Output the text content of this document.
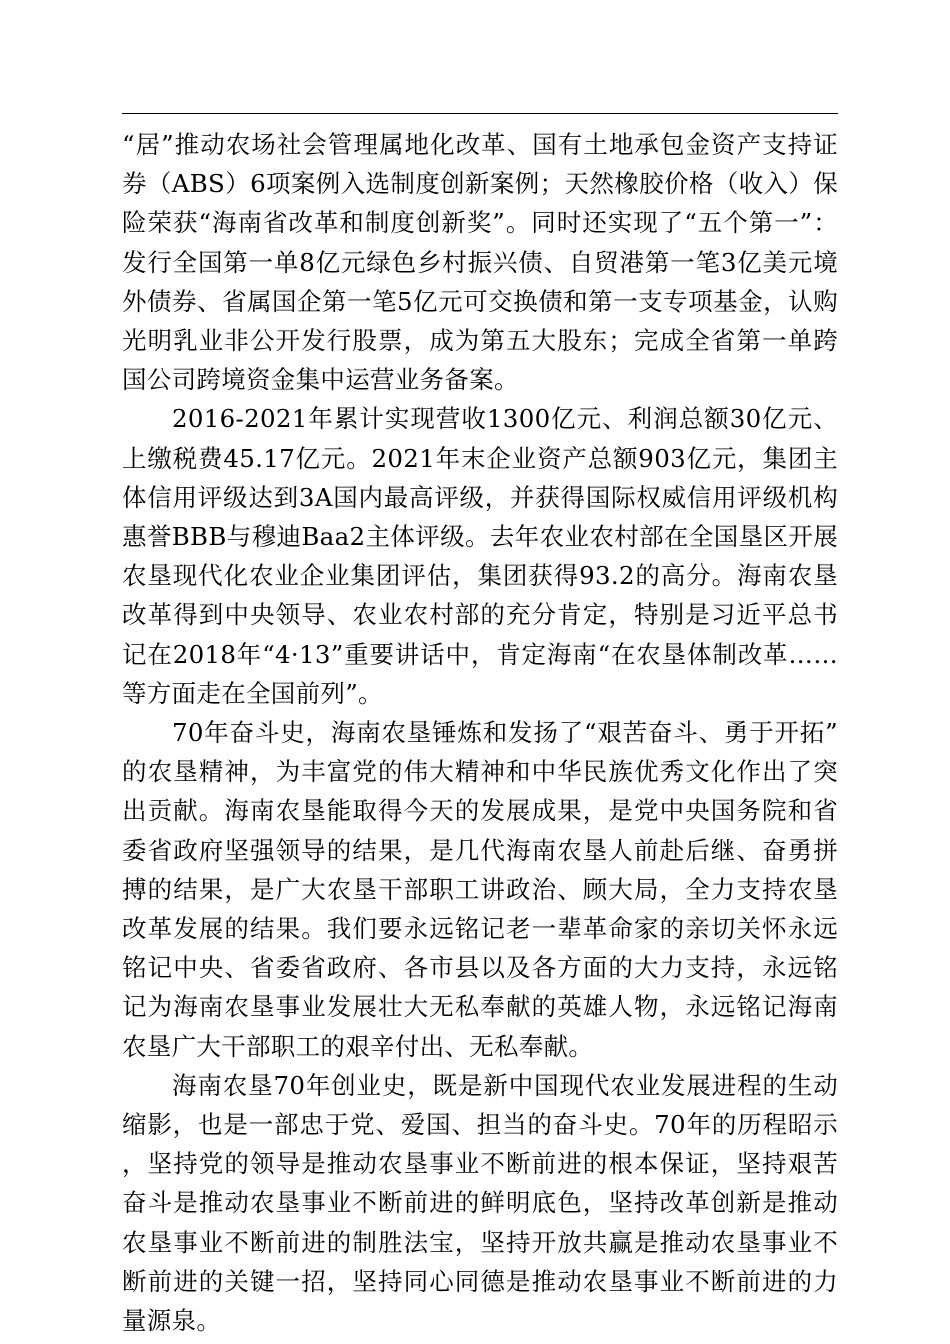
“居”推动农场社会管理属地化改革、国有土地承包金资产支持证券（ABS）6项案例入选制度创新案例；天然橡胶价格（收入）保险荣获“海南省改革和制度创新奖”。同时还实现了“五个第一”：发行全国第一单8亿元绿色乡村振兴债、自贸港第一笔3亿美元境外债券、省属国企第一笔5亿元可交换债和第一支专项基金，认购光明乳业非公开发行股票，成为第五大股东；完成全省第一单跨国公司跨境资金集中运营业务备案。

2016-2021年累计实现营收1300亿元、利润总额30亿元、上缴税费45.17亿元。2021年末企业资产总额903亿元，集团主体信用评级达到3A国内最高评级，并获得国际权威信用评级机构惠誉BBB与穆迪Baa2主体评级。去年农业农村部在全国垦区开展农垦现代化农业企业集团评估，集团获得93.2的高分。海南农垦改革得到中央领导、农业农村部的充分肯定，特别是习近平总书记在2018年“4·13”重要讲话中，肯定海南“在农垦体制改革……等方面走在全国前列”。

70年奋斗史，海南农垦锤炼和发扬了“艰苦奋斗、勇于开拓”的农垦精神，为丰富党的伟大精神和中华民族优秀文化作出了突出贡献。海南农垦能取得今天的发展成果，是党中央国务院和省委省政府坚强领导的结果，是几代海南农垦人前赴后继、奋勇拼搏的结果，是广大农垦干部职工讲政治、顾大局，全力支持农垦改革发展的结果。我们要永远铭记老一辈革命家的亲切关怀永远铭记中央、省委省政府、各市县以及各方面的大力支持，永远铭记为海南农垦事业发展壮大无私奉献的英雄人物，永远铭记海南农垦广大干部职工的艰辛付出、无私奉献。

海南农垦70年创业史，既是新中国现代农业发展进程的生动缩影，也是一部忠于党、爱国、担当的奋斗史。70年的历程昭示，坚持党的领导是推动农垦事业不断前进的根本保证，坚持艰苦奋斗是推动农垦事业不断前进的鲜明底色，坚持改革创新是推动农垦事业不断前进的制胜法宝，坚持开放共赢是推动农垦事业不断前进的关键一招，坚持同心同德是推动农垦事业不断前进的力量源泉。
